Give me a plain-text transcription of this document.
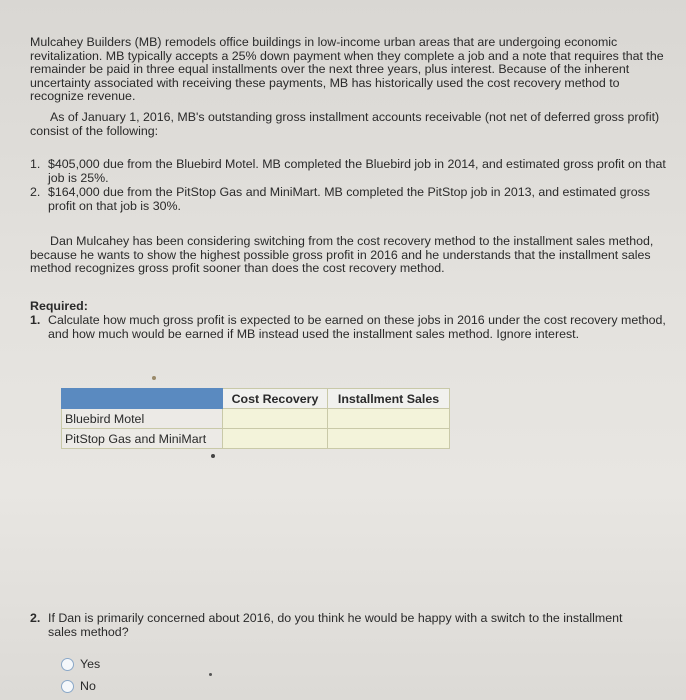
Mulcahey Builders (MB) remodels office buildings in low-income urban areas that are undergoing economic revitalization. MB typically accepts a 25% down payment when they complete a job and a note that requires that the remainder be paid in three equal installments over the next three years, plus interest. Because of the inherent uncertainty associated with receiving these payments, MB has historically used the cost recovery method to recognize revenue.

As of January 1, 2016, MB's outstanding gross installment accounts receivable (not net of deferred gross profit) consist of the following:

1. $405,000 due from the Bluebird Motel. MB completed the Bluebird job in 2014, and estimated gross profit on that job is 25%.
2. $164,000 due from the PitStop Gas and MiniMart. MB completed the PitStop job in 2013, and estimated gross profit on that job is 30%.

Dan Mulcahey has been considering switching from the cost recovery method to the installment sales method, because he wants to show the highest possible gross profit in 2016 and he understands that the installment sales method recognizes gross profit sooner than does the cost recovery method.

Required:
1. Calculate how much gross profit is expected to be earned on these jobs in 2016 under the cost recovery method, and how much would be earned if MB instead used the installment sales method. Ignore interest.
	Cost Recovery	Installment Sales
Bluebird Motel		
PitStop Gas and MiniMart		
2. If Dan is primarily concerned about 2016, do you think he would be happy with a switch to the installment sales method?
Yes
No
